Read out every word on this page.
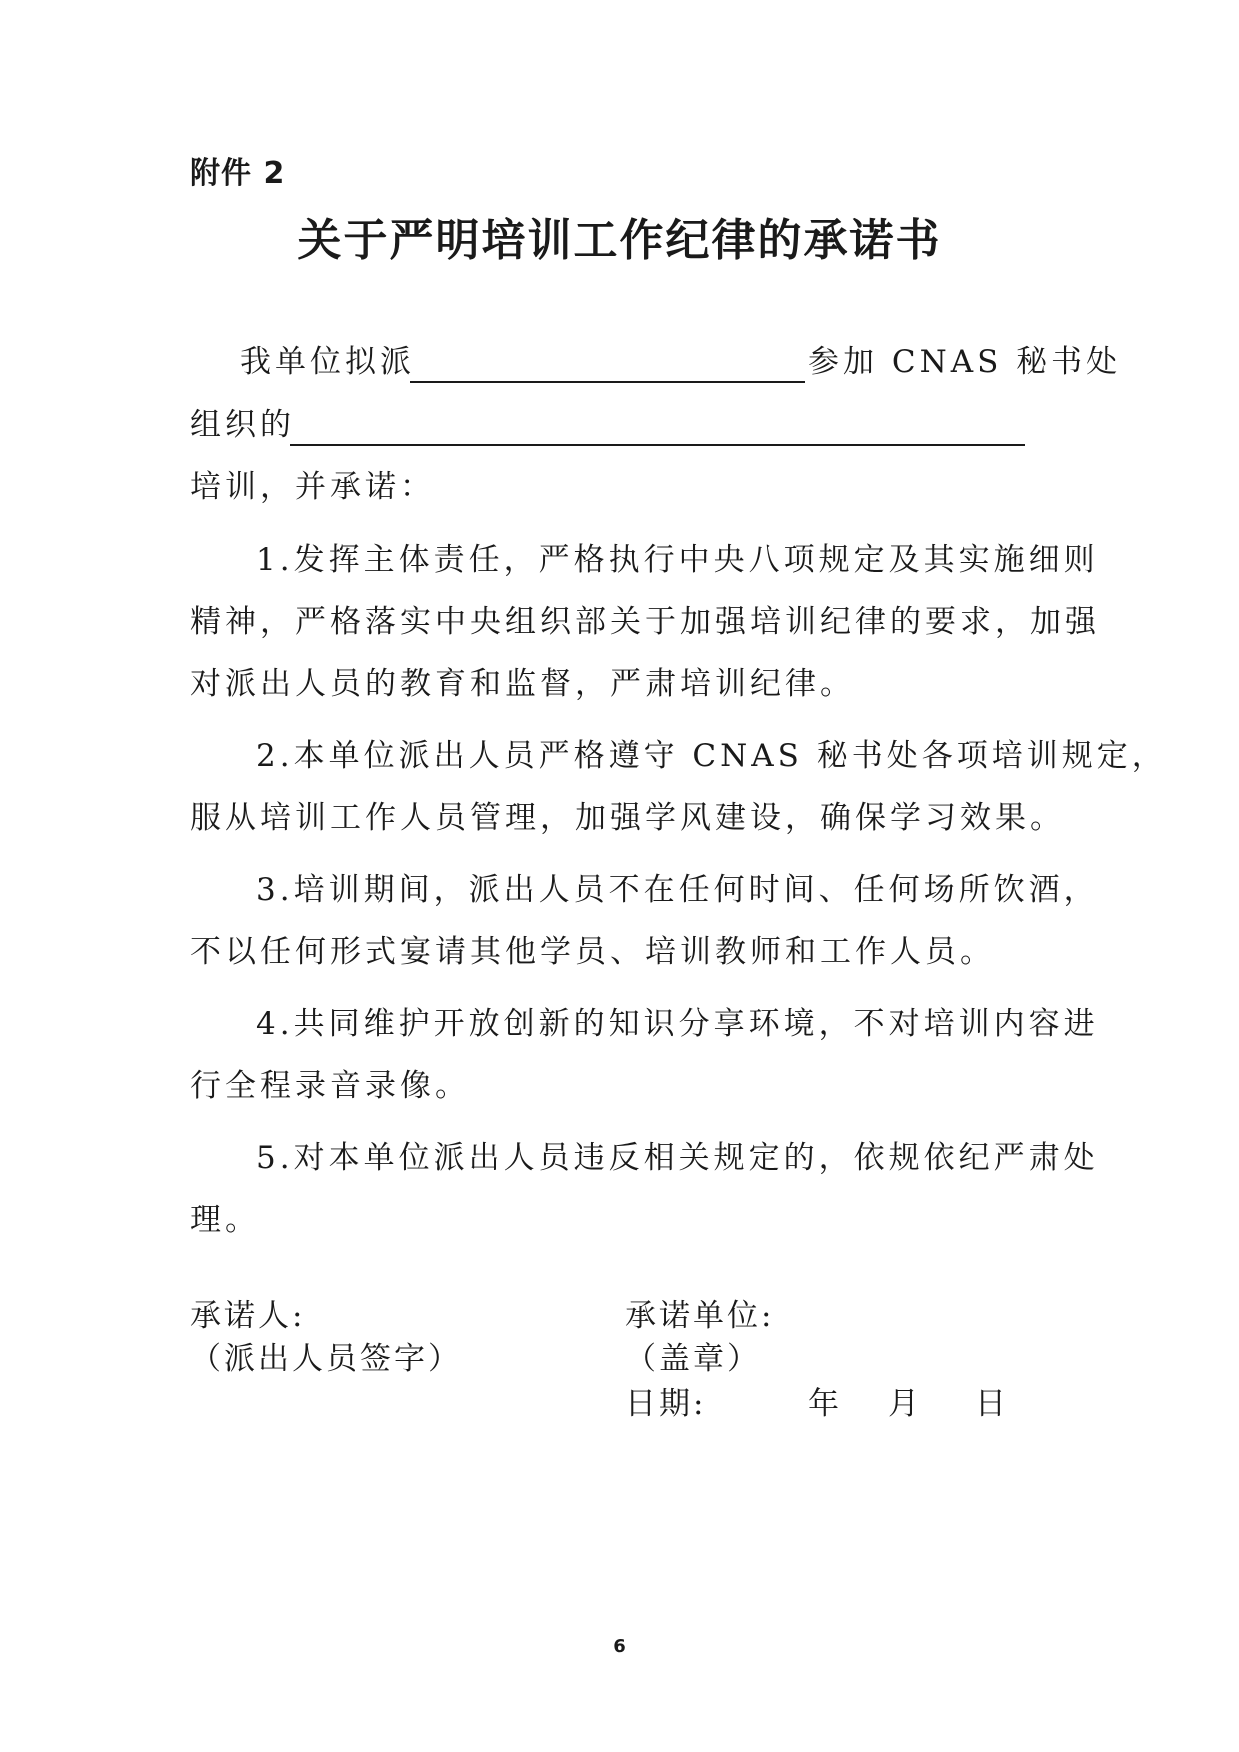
附件 2
关于严明培训工作纪律的承诺书
我单位拟派	参加 CNAS 秘书处
组织的
培训，并承诺：
1.发挥主体责任，严格执行中央八项规定及其实施细则
精神，严格落实中央组织部关于加强培训纪律的要求，加强
对派出人员的教育和监督，严肃培训纪律。
2.本单位派出人员严格遵守 CNAS 秘书处各项培训规定，
服从培训工作人员管理，加强学风建设，确保学习效果。
3.培训期间，派出人员不在任何时间、任何场所饮酒，
不以任何形式宴请其他学员、培训教师和工作人员。
4.共同维护开放创新的知识分享环境，不对培训内容进
行全程录音录像。
5.对本单位派出人员违反相关规定的，依规依纪严肃处
理。
承诺人:
（派出人员签字）
承诺单位:
（盖章）
日期:	年 月 日
6
